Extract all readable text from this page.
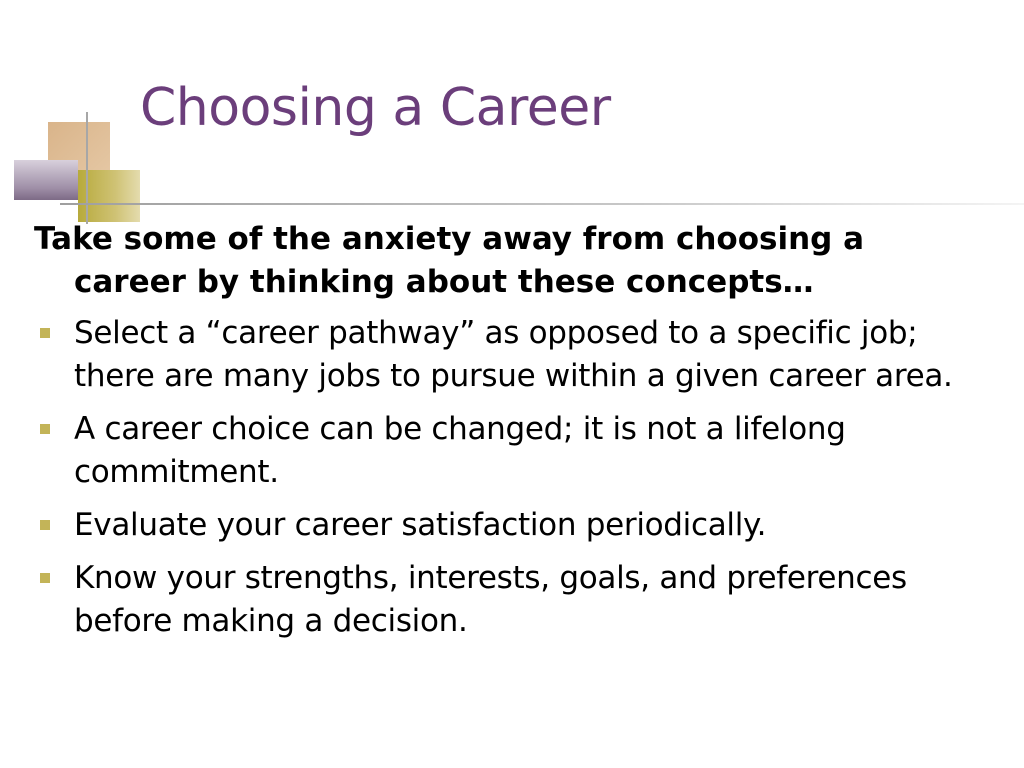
Choosing a Career

Take some of the anxiety away from choosing a career by thinking about these concepts…

Select a “career pathway” as opposed to a specific job; there are many jobs to pursue within a given career area.
A career choice can be changed; it is not a lifelong commitment.
Evaluate your career satisfaction periodically.
Know your strengths, interests, goals, and preferences before making a decision.
